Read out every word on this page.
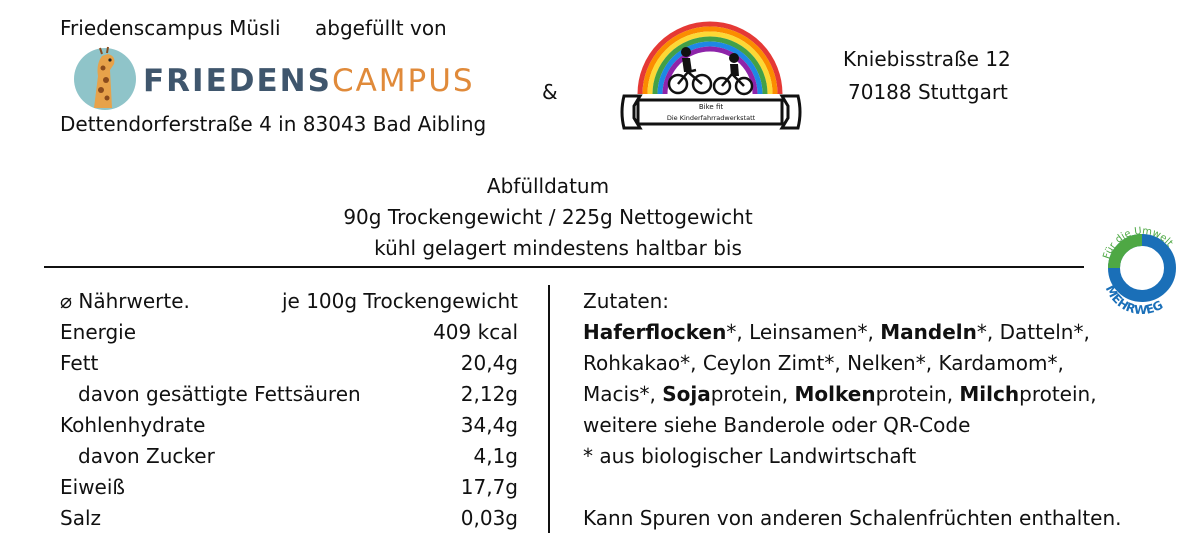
Friedenscampus Müsli abgefüllt von
FRIEDENSCAMPUS
Dettendorferstraße 4 in 83043 Bad Aibling
&
Bike fit
Die Kinderfahrradwerkstatt
Kniebisstraße 12
70188 Stuttgart
Abfülldatum
90g Trockengewicht / 225g Nettogewicht
kühl gelagert mindestens haltbar bis	Für die Umwelt
MEHRWEG
⌀ Nährwerte.	je 100g Trockengewicht
Energie	409 kcal
Fett	20,4g
davon gesättigte Fettsäuren	2,12g
Kohlenhydrate	34,4g
davon Zucker	4,1g
Eiweiß	17,7g
Salz	0,03g
Zutaten:
Haferflocken*, Leinsamen*, Mandeln*, Datteln*,
Rohkakao*, Ceylon Zimt*, Nelken*, Kardamom*,
Macis*, Sojaprotein, Molkenprotein, Milchprotein,
weitere siehe Banderole oder QR-Code
* aus biologischer Landwirtschaft
Kann Spuren von anderen Schalenfrüchten enthalten.
